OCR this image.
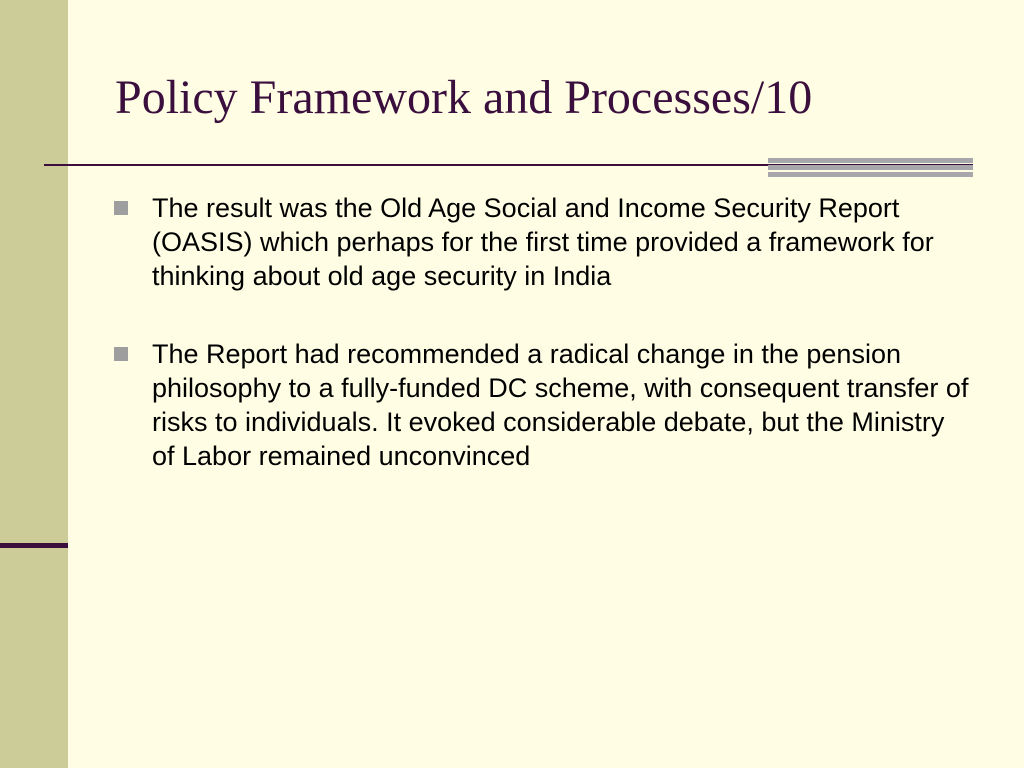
Policy Framework and Processes/10
The result was the Old Age Social and Income Security Report (OASIS) which perhaps for the first time provided a framework for thinking about old age security in India
The Report had recommended a radical change in the pension philosophy to a fully-funded DC scheme, with consequent transfer of risks to individuals. It evoked considerable debate, but the Ministry of Labor remained unconvinced
